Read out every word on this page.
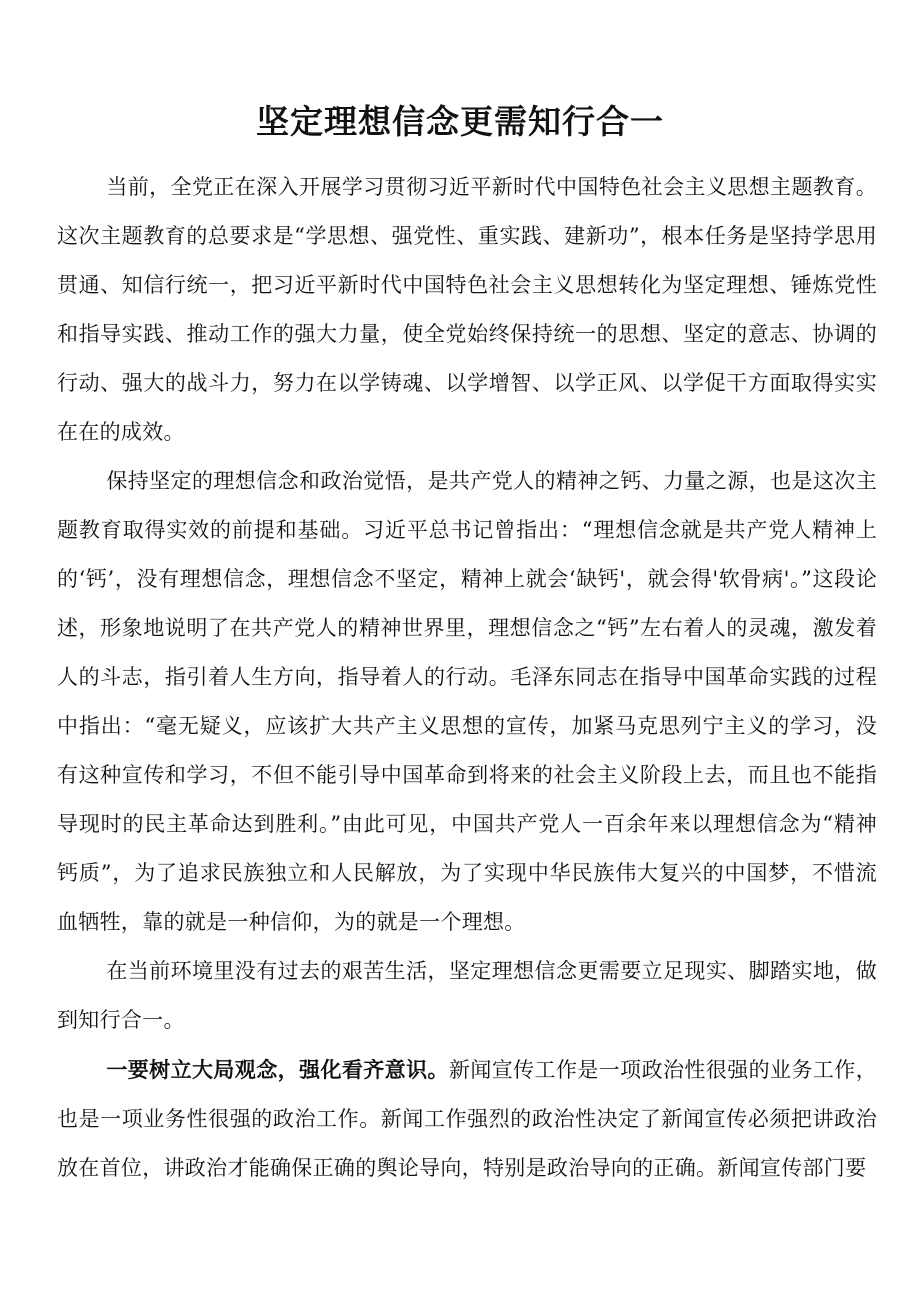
坚定理想信念更需知行合一

当前，全党正在深入开展学习贯彻习近平新时代中国特色社会主义思想主题教育。这次主题教育的总要求是“学思想、强党性、重实践、建新功”，根本任务是坚持学思用贯通、知信行统一，把习近平新时代中国特色社会主义思想转化为坚定理想、锤炼党性和指导实践、推动工作的强大力量，使全党始终保持统一的思想、坚定的意志、协调的行动、强大的战斗力，努力在以学铸魂、以学增智、以学正风、以学促干方面取得实实在在的成效。

保持坚定的理想信念和政治觉悟，是共产党人的精神之钙、力量之源，也是这次主题教育取得实效的前提和基础。习近平总书记曾指出：“理想信念就是共产党人精神上的‘钙’，没有理想信念，理想信念不坚定，精神上就会‘缺钙'，就会得'软骨病'。”这段论述，形象地说明了在共产党人的精神世界里，理想信念之“钙”左右着人的灵魂，激发着人的斗志，指引着人生方向，指导着人的行动。毛泽东同志在指导中国革命实践的过程中指出：“毫无疑义，应该扩大共产主义思想的宣传，加紧马克思列宁主义的学习，没有这种宣传和学习，不但不能引导中国革命到将来的社会主义阶段上去，而且也不能指导现时的民主革命达到胜利。”由此可见，中国共产党人一百余年来以理想信念为“精神钙质”，为了追求民族独立和人民解放，为了实现中华民族伟大复兴的中国梦，不惜流血牺牲，靠的就是一种信仰，为的就是一个理想。

在当前环境里没有过去的艰苦生活，坚定理想信念更需要立足现实、脚踏实地，做到知行合一。

一要树立大局观念，强化看齐意识。新闻宣传工作是一项政治性很强的业务工作，也是一项业务性很强的政治工作。新闻工作强烈的政治性决定了新闻宣传必须把讲政治放在首位，讲政治才能确保正确的舆论导向，特别是政治导向的正确。新闻宣传部门要
